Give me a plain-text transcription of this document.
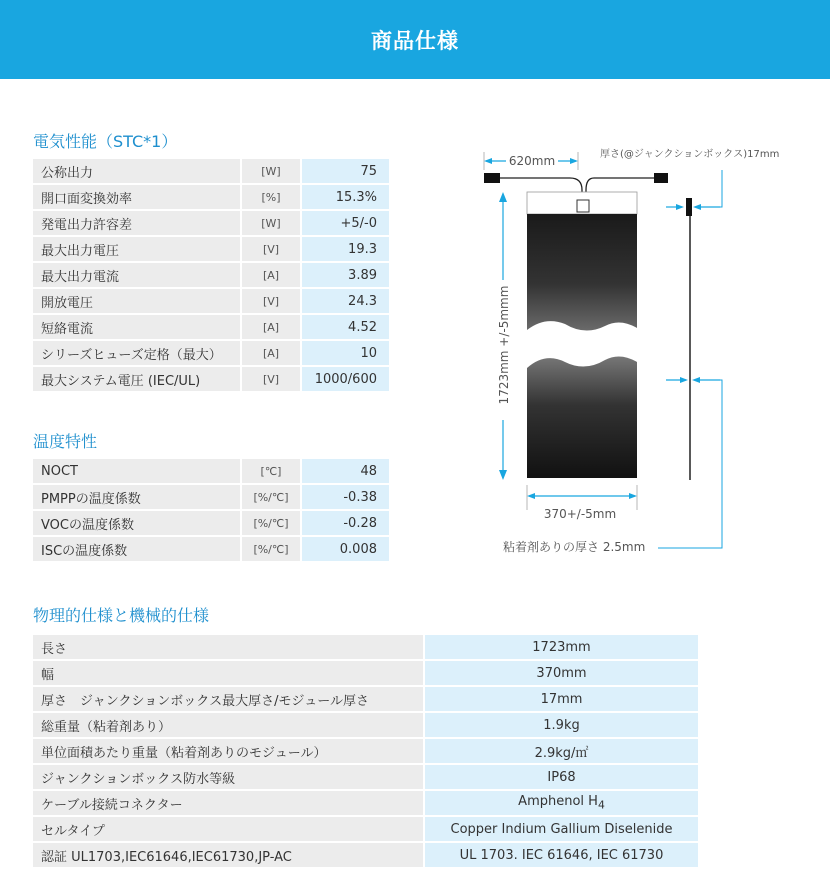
商品仕様
電気性能（STC*1）
公称出力		[W]		75
開口面変換効率		[%]		15.3%
発電出力許容差		[W]		+5/-0
最大出力電圧		[V]		19.3
最大出力電流		[A]		3.89
開放電圧		[V]		24.3
短絡電流		[A]		4.52
シリーズヒューズ定格（最大）		[A]		10
最大システム電圧 (IEC/UL)		[V]		1000/600
温度特性
NOCT		[℃]		48
PMPPの温度係数		[%/℃]		-0.38
VOCの温度係数		[%/℃]		-0.28
ISCの温度係数		[%/℃]		0.008
物理的仕様と機械的仕様
長さ		1723mm
幅		370mm
厚さ　ジャンクションボックス最大厚さ/モジュール厚さ		17mm
総重量（粘着剤あり）		1.9kg
単位面積あたり重量（粘着剤ありのモジュール）		2.9kg/㎡
ジャンクションボックス防水等級		IP68
ケーブル接続コネクター		Amphenol $H_4$
セルタイプ		Copper Indium Gallium Diselenide
認証 UL1703,IEC61646,IEC61730,JP-AC		UL 1703. IEC 61646, IEC 61730
620mm	厚さ(@ジャンクションボックス)17mm
1723mm +/-5mmm
370+/-5mm
粘着剤ありの厚さ 2.5mm
